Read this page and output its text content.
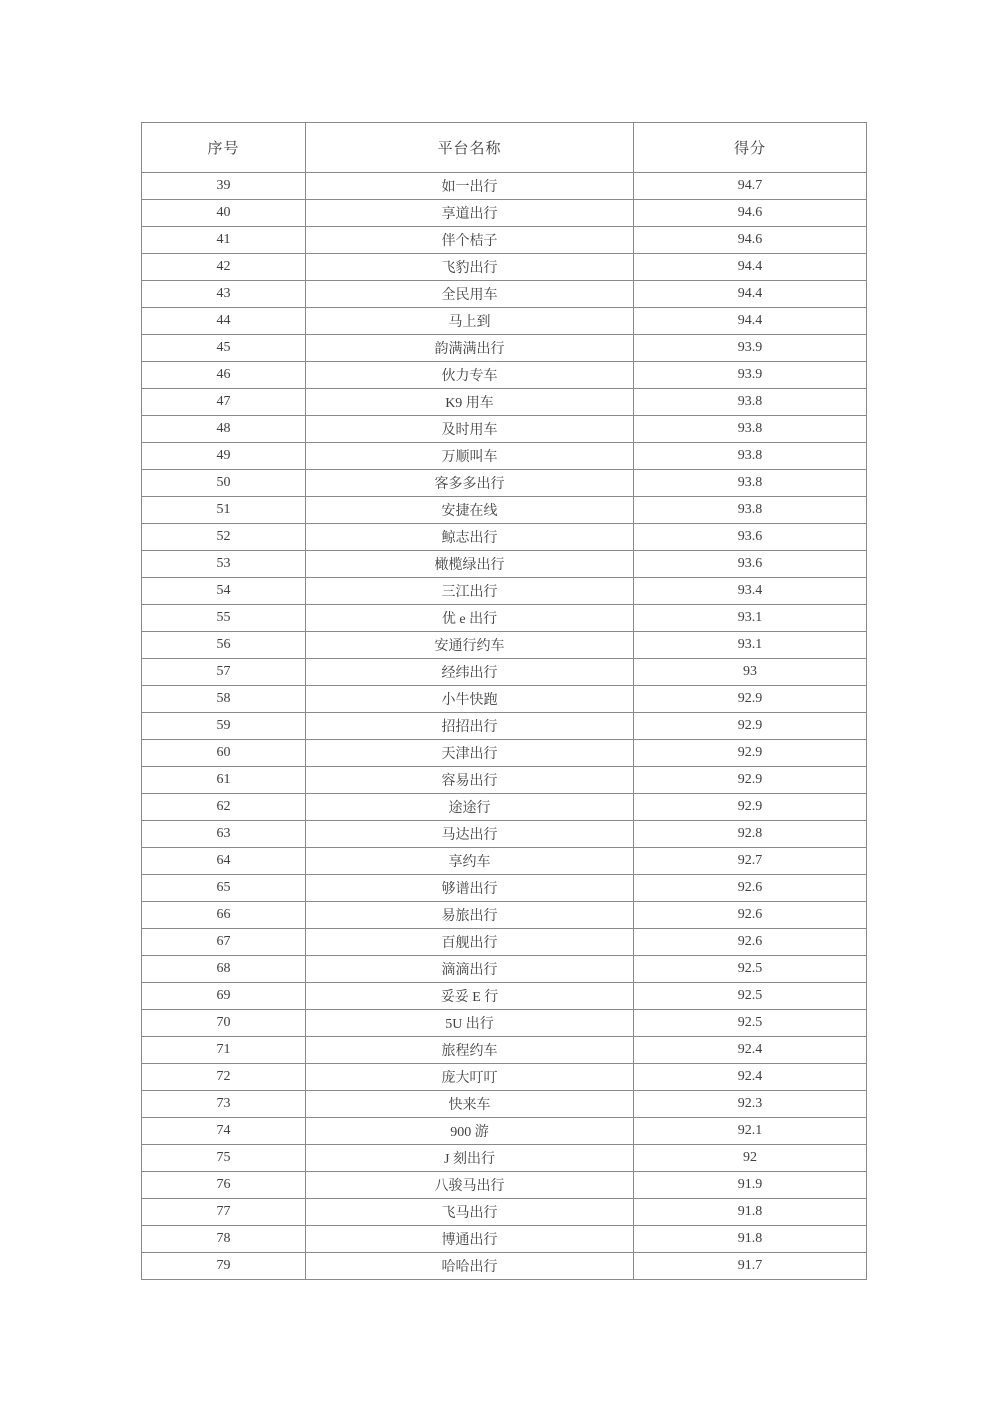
序号	平台名称	得分
39	如一出行	94.7
40	享道出行	94.6
41	伴个桔子	94.6
42	飞豹出行	94.4
43	全民用车	94.4
44	马上到	94.4
45	韵满满出行	93.9
46	伙力专车	93.9
47	K9 用车	93.8
48	及时用车	93.8
49	万顺叫车	93.8
50	客多多出行	93.8
51	安捷在线	93.8
52	鲸志出行	93.6
53	橄榄绿出行	93.6
54	三江出行	93.4
55	优 e 出行	93.1
56	安通行约车	93.1
57	经纬出行	93
58	小牛快跑	92.9
59	招招出行	92.9
60	天津出行	92.9
61	容易出行	92.9
62	途途行	92.9
63	马达出行	92.8
64	享约车	92.7
65	够谱出行	92.6
66	易旅出行	92.6
67	百舰出行	92.6
68	滴滴出行	92.5
69	妥妥 E 行	92.5
70	5U 出行	92.5
71	旅程约车	92.4
72	庞大叮叮	92.4
73	快来车	92.3
74	900 游	92.1
75	J 刻出行	92
76	八骏马出行	91.9
77	飞马出行	91.8
78	博通出行	91.8
79	哈哈出行	91.7
